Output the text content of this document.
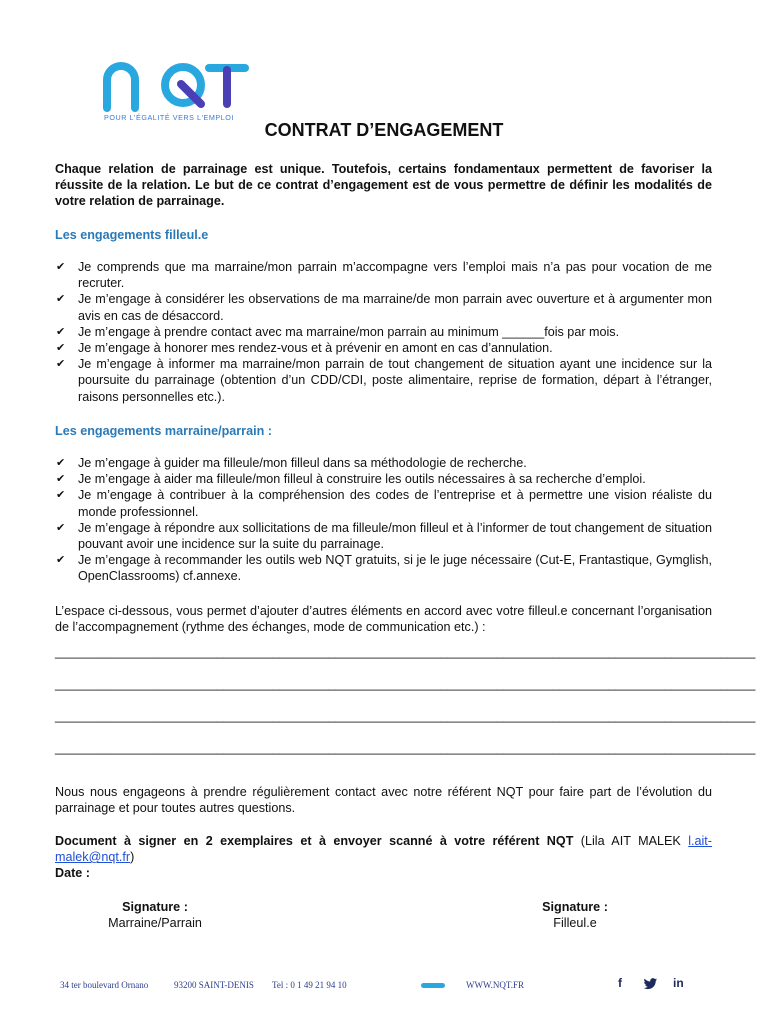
POUR L'ÉGALITÉ VERS L'EMPLOI
CONTRAT D’ENGAGEMENT
Chaque relation de parrainage est unique. Toutefois, certains fondamentaux permettent de favoriser la réussite de la relation. Le but de ce contrat d’engagement est de vous permettre de définir les modalités de votre relation de parrainage.
Les engagements filleul.e
✔ Je comprends que ma marraine/mon parrain m’accompagne vers l’emploi mais n’a pas pour vocation de me recruter.
✔ Je m’engage à considérer les observations de ma marraine/de mon parrain avec ouverture et à argumenter mon avis en cas de désaccord.
✔ Je m’engage à prendre contact avec ma marraine/mon parrain au minimum ______fois par mois.
✔ Je m’engage à honorer mes rendez-vous et à prévenir en amont en cas d’annulation.
✔ Je m’engage à informer ma marraine/mon parrain de tout changement de situation ayant une incidence sur la poursuite du parrainage (obtention d’un CDD/CDI, poste alimentaire, reprise de formation, départ à l’étranger, raisons personnelles etc.).
Les engagements marraine/parrain :
✔ Je m’engage à guider ma filleule/mon filleul dans sa méthodologie de recherche.
✔ Je m’engage à aider ma filleule/mon filleul à construire les outils nécessaires à sa recherche d’emploi.
✔ Je m’engage à contribuer à la compréhension des codes de l’entreprise et à permettre une vision réaliste du monde professionnel.
✔ Je m’engage à répondre aux sollicitations de ma filleule/mon filleul et à l’informer de tout changement de situation pouvant avoir une incidence sur la suite du parrainage.
✔ Je m’engage à recommander les outils web NQT gratuits, si je le juge nécessaire (Cut-E, Frantastique, Gymglish, OpenClassrooms) cf.annexe.
L’espace ci-dessous, vous permet d’ajouter d’autres éléments en accord avec votre filleul.e concernant l’organisation de l’accompagnement (rythme des échanges, mode de communication etc.) :
____________________________________________________________________________________________________
____________________________________________________________________________________________________
____________________________________________________________________________________________________
____________________________________________________________________________________________________
Nous nous engageons à prendre régulièrement contact avec notre référent NQT pour faire part de l’évolution du parrainage et pour toutes autres questions.
Document à signer en 2 exemplaires et à envoyer scanné à votre référent NQT (Lila AIT MALEK l.ait-malek@nqt.fr)
Date :
Signature :
Marraine/Parrain
Signature :
Filleul.e
34 ter boulevard Ornano	93200 SAINT-DENIS Tel : 0 1 49 21 94 10	WWW.NQT.FR	f	in
